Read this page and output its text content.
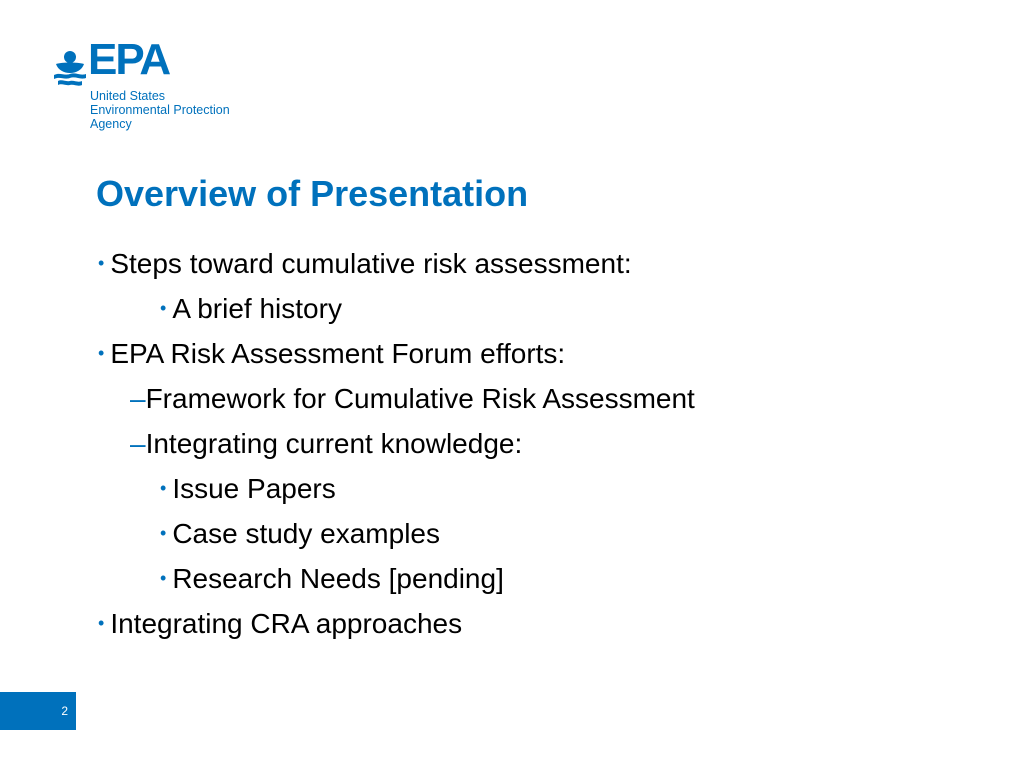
EPA
United States
Environmental Protection
Agency
Overview of Presentation
• Steps toward cumulative risk assessment:
• A brief history
• EPA Risk Assessment Forum efforts:
–Framework for Cumulative Risk Assessment
–Integrating current knowledge:
• Issue Papers
• Case study examples
• Research Needs [pending]
• Integrating CRA approaches
2
